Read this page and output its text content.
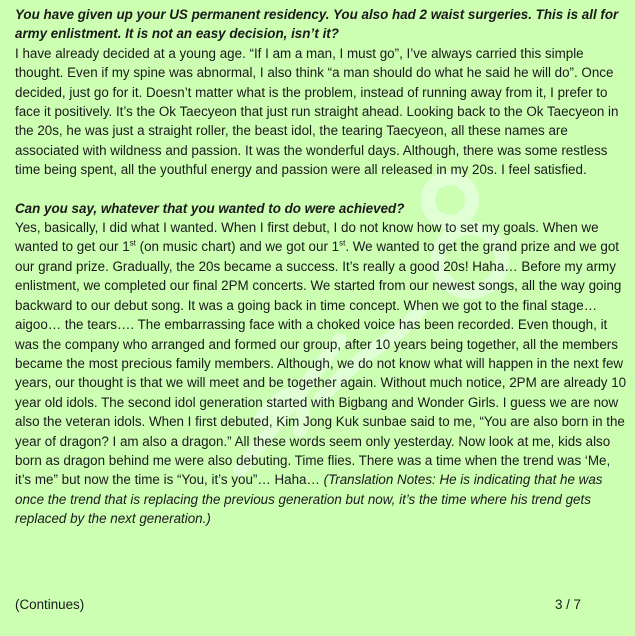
You have given up your US permanent residency. You also had 2 waist surgeries. This is all for army enlistment. It is not an easy decision, isn’t it?

I have already decided at a young age. “If I am a man, I must go”, I’ve always carried this simple thought. Even if my spine was abnormal, I also think “a man should do what he said he will do”. Once decided, just go for it. Doesn’t matter what is the problem, instead of running away from it, I prefer to face it positively. It’s the Ok Taecyeon that just run straight ahead. Looking back to the Ok Taecyeon in the 20s, he was just a straight roller, the beast idol, the tearing Taecyeon, all these names are associated with wildness and passion. It was the wonderful days. Although, there was some restless time being spent, all the youthful energy and passion were all released in my 20s. I feel satisfied.

Can you say, whatever that you wanted to do were achieved?

Yes, basically, I did what I wanted. When I first debut, I do not know how to set my goals. When we wanted to get our 1st (on music chart) and we got our 1st. We wanted to get the grand prize and we got our grand prize. Gradually, the 20s became a success. It’s really a good 20s! Haha… Before my army enlistment, we completed our final 2PM concerts. We started from our newest songs, all the way going backward to our debut song. It was a going back in time concept. When we got to the final stage… aigoo… the tears…. The embarrassing face with a choked voice has been recorded. Even though, it was the company who arranged and formed our group, after 10 years being together, all the members became the most precious family members. Although, we do not know what will happen in the next few years, our thought is that we will meet and be together again. Without much notice, 2PM are already 10 year old idols. The second idol generation started with Bigbang and Wonder Girls. I guess we are now also the veteran idols. When I first debuted, Kim Jong Kuk sunbae said to me, “You are also born in the year of dragon? I am also a dragon.” All these words seem only yesterday. Now look at me, kids also born as dragon behind me were also debuting. Time flies. There was a time when the trend was ‘Me, it’s me” but now the time is “You, it’s you”… Haha… (Translation Notes: He is indicating that he was once the trend that is replacing the previous generation but now, it’s the time where his trend gets replaced by the next generation.)

(Continues)	3 / 7
